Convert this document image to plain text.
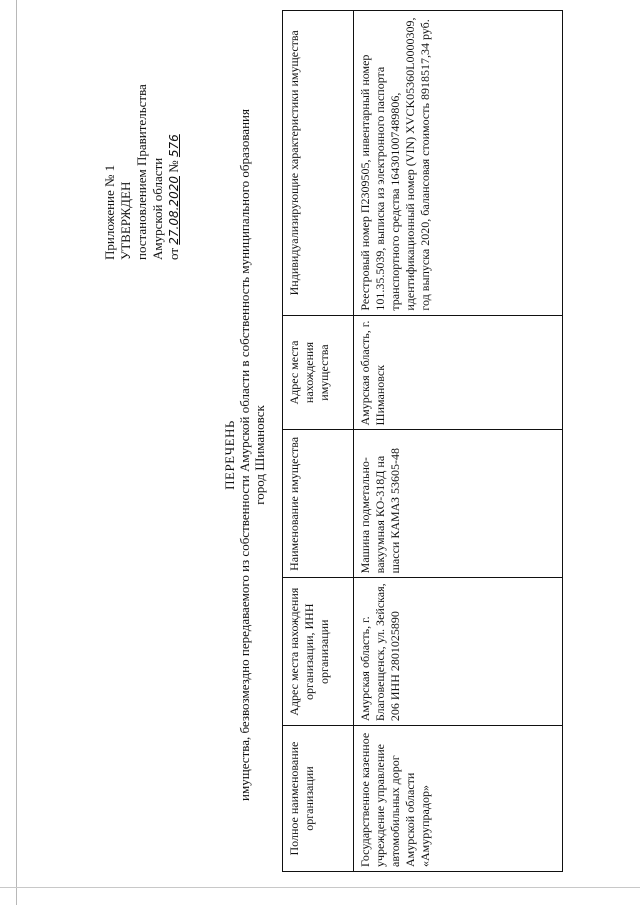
Приложение № 1 УТВЕРЖДЕН постановлением Правительства Амурской области от 27.08.2020 № 576
ПЕРЕЧЕНЬ имущества, безвозмездно передаваемого из собственности Амурской области в собственность муниципального образования город Шимановск
Полное наименование организации	Адрес места нахождения организации, ИНН организации	Наименование имущества	Адрес места нахождения имущества	Индивидуализирующие характеристики имущества
Государственное казенное учреждение управление автомобильных дорог Амурской области «Амурупрадор»	Амурская область, г. Благовещенск, ул. Зейская, 206 ИНН 2801025890	Машина подметально-вакуумная КО-318Д на шасси КАМАЗ 53605-48	Амурская область, г. Шимановск	Реестровый номер П2309505, инвентарный номер 101.35.5039, выписка из электронного паспорта транспортного средства 164301007489806, идентификационный номер (VIN) XVCK05360L0000309, год выпуска 2020, балансовая стоимость 8918517,34 руб.
